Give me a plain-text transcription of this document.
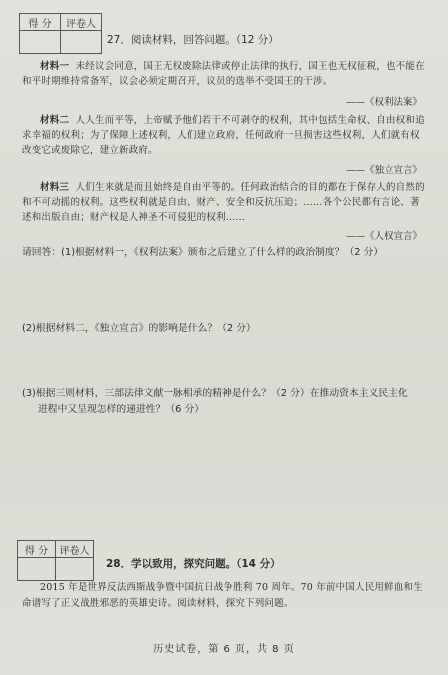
得 分	评卷人

27．阅读材料，回答问题。（12 分）
材料一 未经议会同意，国王无权废除法律或停止法律的执行，国王也无权征税，也不能在和平时期维持常备军，议会必须定期召开，议员的选举不受国王的干涉。
——《权利法案》
材料二 人人生而平等，上帝赋予他们若干不可剥夺的权利，其中包括生命权、自由权和追求幸福的权利；为了保障上述权利，人们建立政府，任何政府一旦损害这些权利，人们就有权改变它或废除它，建立新政府。
——《独立宣言》
材料三 人们生来就是而且始终是自由平等的。任何政治结合的目的都在于保存人的自然的和不可动摇的权利。这些权利就是自由、财产、安全和反抗压迫；……各个公民都有言论、著述和出版自由；财产权是人神圣不可侵犯的权利……
——《人权宣言》
请回答：(1)根据材料一，《权利法案》颁布之后建立了什么样的政治制度？（2 分）
(2)根据材料二，《独立宣言》的影响是什么？（2 分）
(3)根据三则材料，三部法律文献一脉相承的精神是什么？（2 分）在推动资本主义民主化
进程中又呈现怎样的递进性？（6 分）
得 分	评卷人

28．学以致用，探究问题。（14 分）
2015 年是世界反法西斯战争暨中国抗日战争胜利 70 周年。70 年前中国人民用鲜血和生命谱写了正义战胜邪恶的英雄史诗。阅读材料，探究下列问题。
历史试卷，第 6 页，共 8 页
